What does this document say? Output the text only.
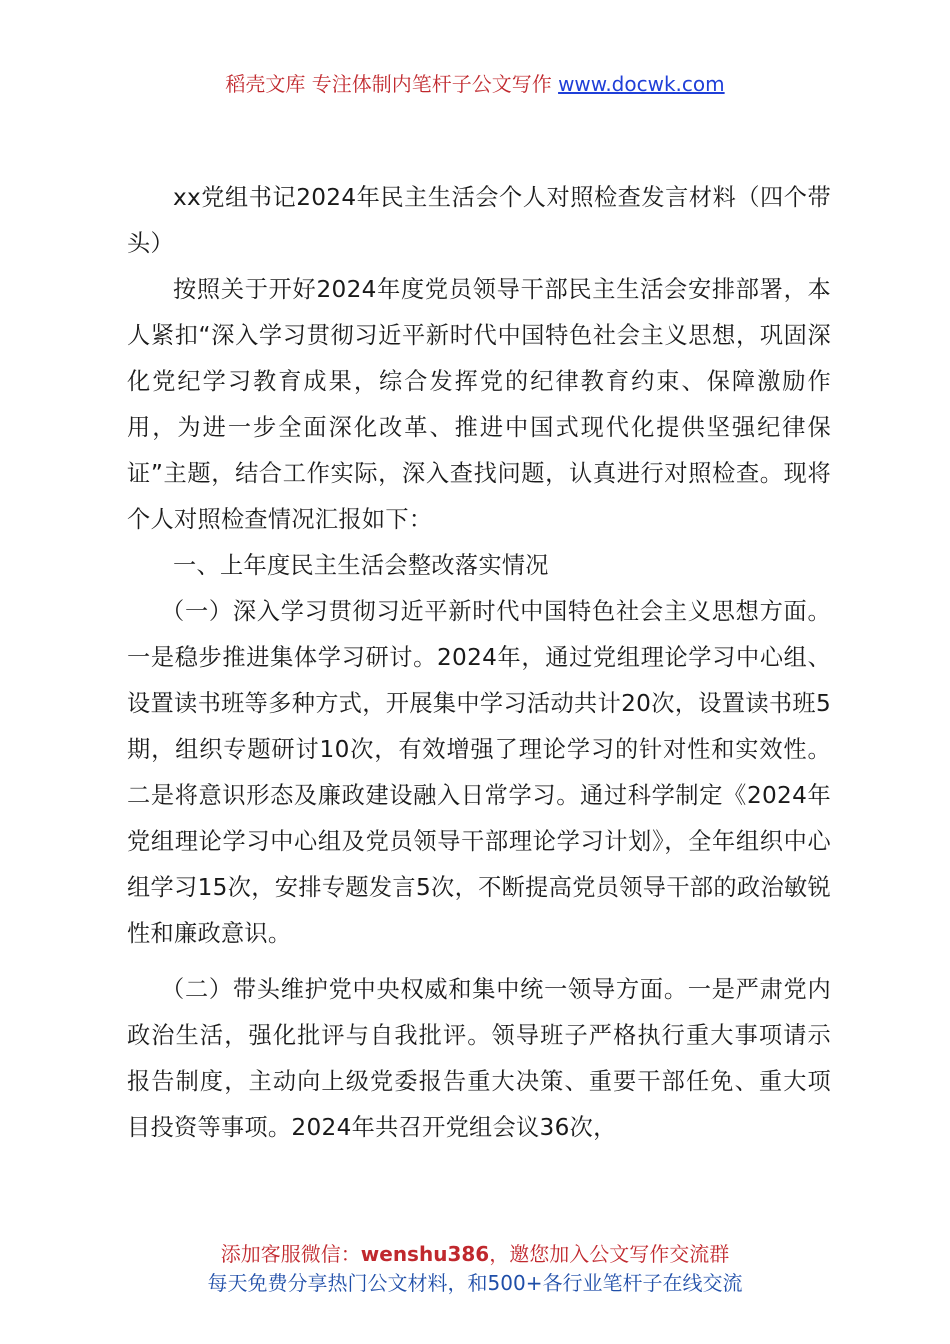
稻壳文库 专注体制内笔杆子公文写作 www.docwk.com

xx党组书记2024年民主生活会个人对照检查发言材料（四个带头）

按照关于开好2024年度党员领导干部民主生活会安排部署，本人紧扣“深入学习贯彻习近平新时代中国特色社会主义思想，巩固深化党纪学习教育成果，综合发挥党的纪律教育约束、保障激励作用，为进一步全面深化改革、推进中国式现代化提供坚强纪律保证”主题，结合工作实际，深入查找问题，认真进行对照检查。现将个人对照检查情况汇报如下：

一、上年度民主生活会整改落实情况

（一）深入学习贯彻习近平新时代中国特色社会主义思想方面。一是稳步推进集体学习研讨。2024年，通过党组理论学习中心组、设置读书班等多种方式，开展集中学习活动共计20次，设置读书班5期，组织专题研讨10次，有效增强了理论学习的针对性和实效性。二是将意识形态及廉政建设融入日常学习。通过科学制定《2024年党组理论学习中心组及党员领导干部理论学习计划》，全年组织中心组学习15次，安排专题发言5次，不断提高党员领导干部的政治敏锐性和廉政意识。

（二）带头维护党中央权威和集中统一领导方面。一是严肃党内政治生活，强化批评与自我批评。领导班子严格执行重大事项请示报告制度，主动向上级党委报告重大决策、重要干部任免、重大项目投资等事项。2024年共召开党组会议36次，

添加客服微信：wenshu386，邀您加入公文写作交流群
每天免费分享热门公文材料，和500+各行业笔杆子在线交流
